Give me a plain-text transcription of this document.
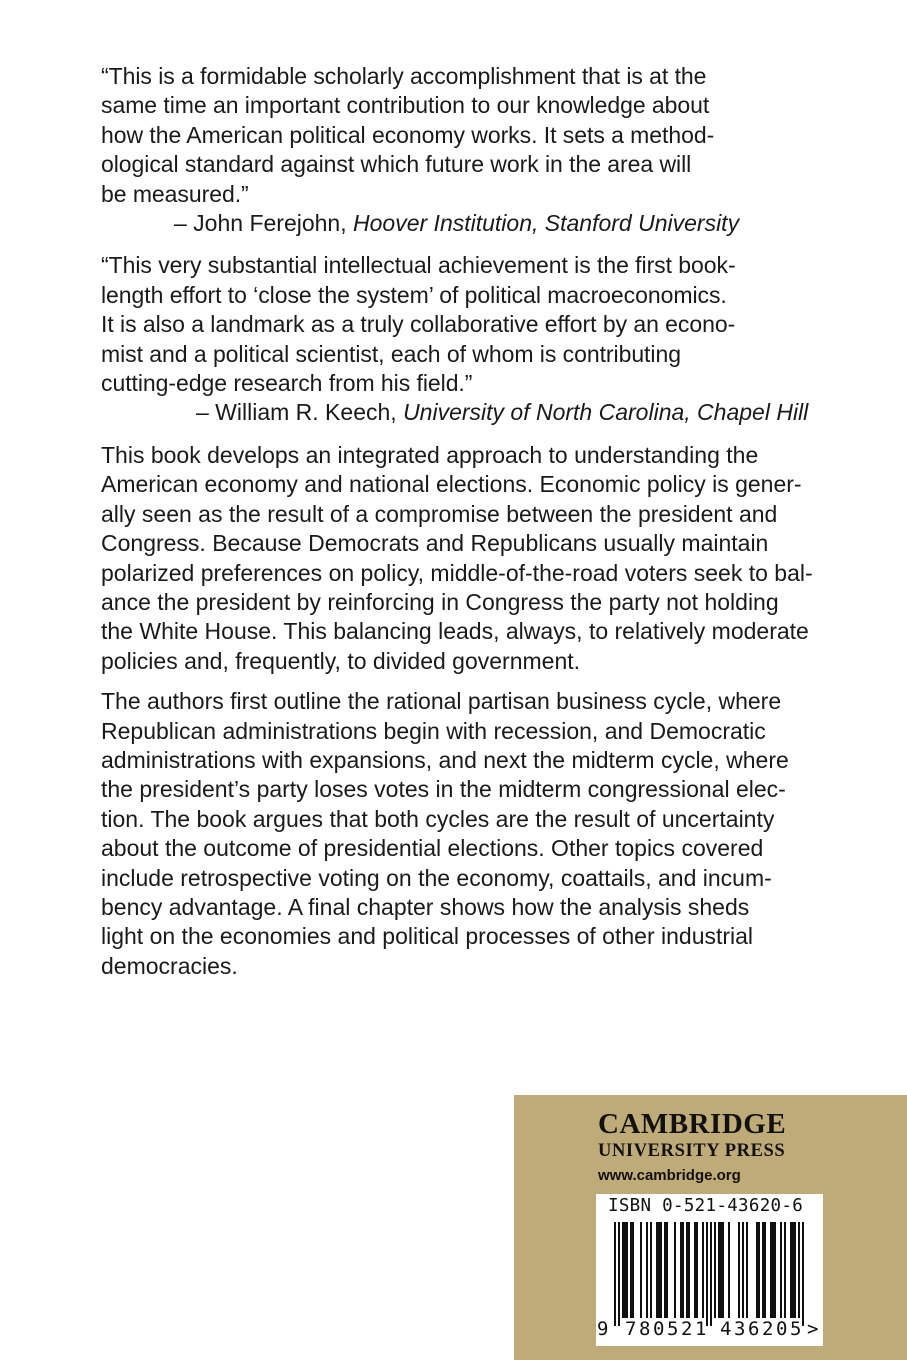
“This is a formidable scholarly accomplishment that is at the

same time an important contribution to our knowledge about

how the American political economy works. It sets a method-

ological standard against which future work in the area will

be measured.”

– John Ferejohn, Hoover Institution, Stanford University

“This very substantial intellectual achievement is the first book-

length effort to ‘close the system’ of political macroeconomics.

It is also a landmark as a truly collaborative effort by an econo-

mist and a political scientist, each of whom is contributing

cutting-edge research from his field.”

– William R. Keech, University of North Carolina, Chapel Hill

This book develops an integrated approach to understanding the
American economy and national elections. Economic policy is gener-
ally seen as the result of a compromise between the president and
Congress. Because Democrats and Republicans usually maintain
polarized preferences on policy, middle-of-the-road voters seek to bal-
ance the president by reinforcing in Congress the party not holding
the White House. This balancing leads, always, to relatively moderate
policies and, frequently, to divided government.
The authors first outline the rational partisan business cycle, where
Republican administrations begin with recession, and Democratic
administrations with expansions, and next the midterm cycle, where
the president’s party loses votes in the midterm congressional elec-
tion. The book argues that both cycles are the result of uncertainty
about the outcome of presidential elections. Other topics covered
include retrospective voting on the economy, coattails, and incum-
bency advantage. A final chapter shows how the analysis sheds
light on the economies and political processes of other industrial
democracies.
CAMBRIDGE
UNIVERSITY PRESS
www.cambridge.org
ISBN 0-521-43620-6
9 7 8 0 5 2 1 4 3 6 2 0 5 >
